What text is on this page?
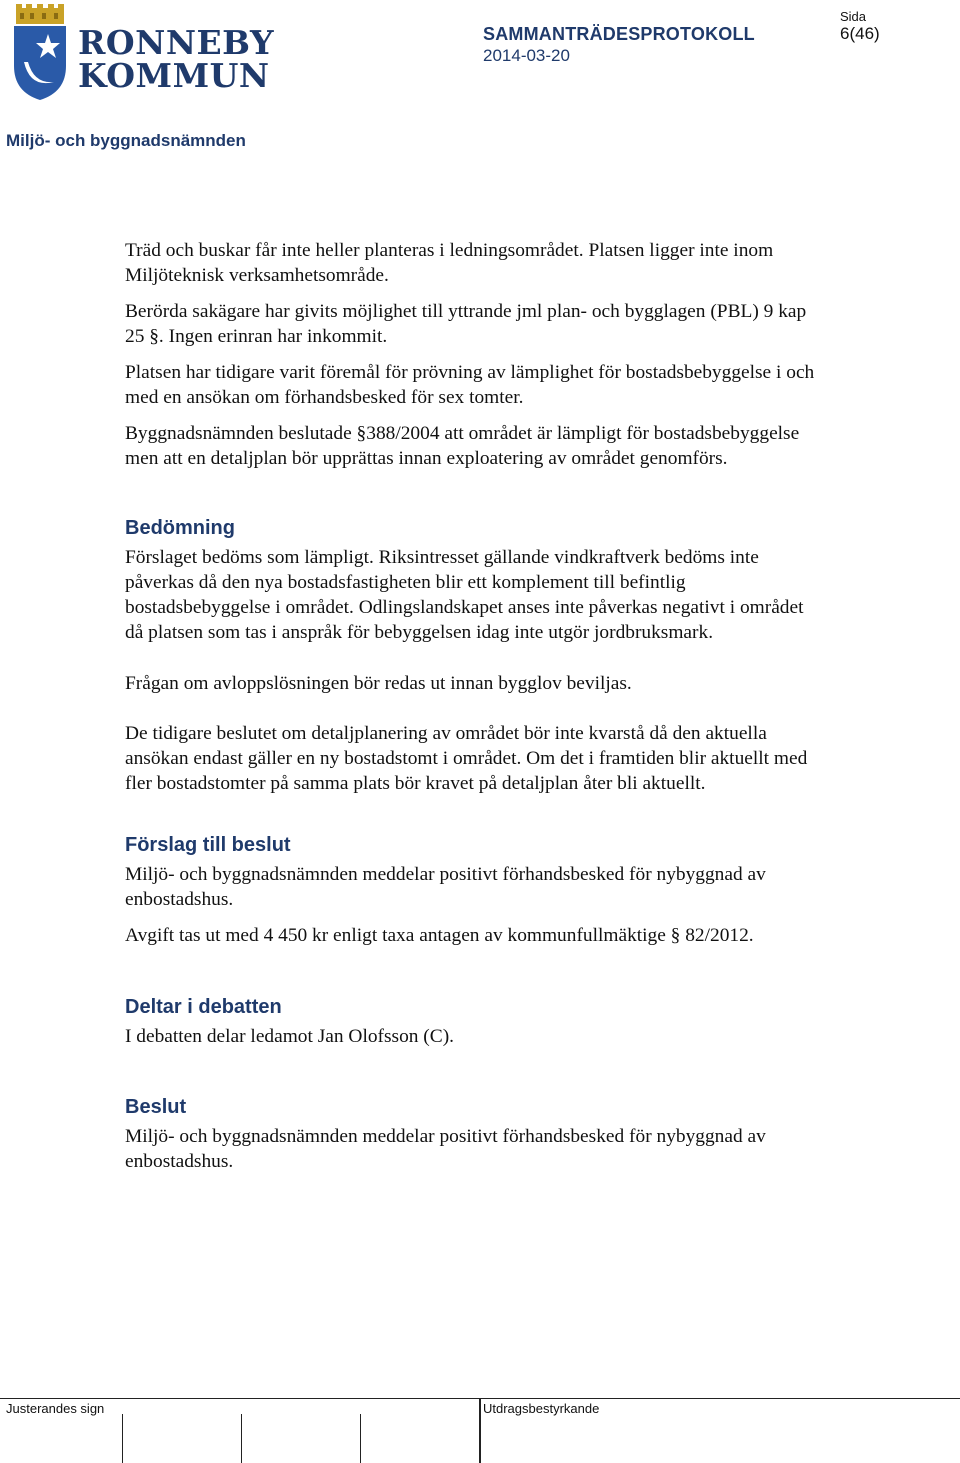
RONNEBY
KOMMUN
SAMMANTRÄDESPROTOKOLL
2014-03-20
Sida
6(46)
Miljö- och byggnadsnämnden

Träd och buskar får inte heller planteras i ledningsområdet. Platsen ligger inte inom Miljöteknisk verksamhetsområde.

Berörda sakägare har givits möjlighet till yttrande jml plan- och bygglagen (PBL) 9 kap 25 §. Ingen erinran har inkommit.

Platsen har tidigare varit föremål för prövning av lämplighet för bostadsbebyggelse i och med en ansökan om förhandsbesked för sex tomter.

Byggnadsnämnden beslutade §388/2004 att området är lämpligt för bostadsbebyggelse men att en detaljplan bör upprättas innan exploatering av området genomförs.

Bedömning

Förslaget bedöms som lämpligt. Riksintresset gällande vindkraftverk bedöms inte påverkas då den nya bostadsfastigheten blir ett komplement till befintlig bostadsbebyggelse i området. Odlingslandskapet anses inte påverkas negativt i området då platsen som tas i anspråk för bebyggelsen idag inte utgör jordbruksmark.

Frågan om avloppslösningen bör redas ut innan bygglov beviljas.

De tidigare beslutet om detaljplanering av området bör inte kvarstå då den aktuella ansökan endast gäller en ny bostadstomt i området. Om det i framtiden blir aktuellt med fler bostadstomter på samma plats bör kravet på detaljplan åter bli aktuellt.

Förslag till beslut

Miljö- och byggnadsnämnden meddelar positivt förhandsbesked för nybyggnad av enbostadshus.

Avgift tas ut med 4 450 kr enligt taxa antagen av kommunfullmäktige § 82/2012.

Deltar i debatten

I debatten delar ledamot Jan Olofsson (C).

Beslut

Miljö- och byggnadsnämnden meddelar positivt förhandsbesked för nybyggnad av enbostadshus.

Justerandes sign	Utdragsbestyrkande
